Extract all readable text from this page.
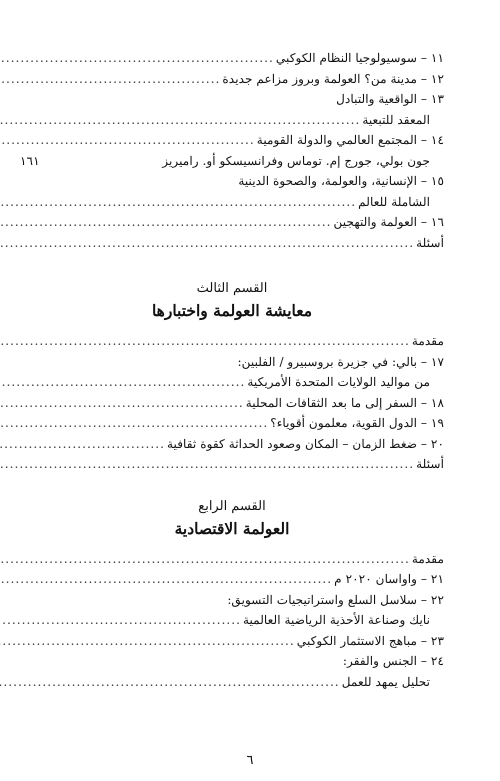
١١ – سوسيولوجيا النظام الكوكبي
.....
١٢ – مدينة من؟ العولمة وبروز مزاعم جديدة
.....
١٣ – الواقعية والتبادل
المعقد للتبعية
.....
١٤ – المجتمع العالمي والدولة القومية
.....
جون بولي، جورج إم. توماس وفرانسيسكو أو. راميريز
١٦١
١٥ – الإنسانية، والعولمة، والصحوة الدينية
الشاملة للعالم
.....
١٦ – العولمة والتهجين
.....
أسئلة
.....
القسم الثالث
معايشة العولمة واختبارها
مقدمة
.....
١٧ – بالي: في جزيرة بروسبيرو / الفلبين:
من مواليد الولايات المتحدة الأمريكية
.....
١٨ – السفر إلى ما بعد الثقافات المحلية
.....
١٩ – الدول القوية، معلمون أقوياء؟
.....
٢٠ – ضغط الزمان – المكان وصعود الحداثة كقوة ثقافية
.....
أسئلة
.....
القسم الرابع
العولمة الاقتصادية
مقدمة
.....
٢١ – واواسان ٢٠٢٠ م
.....
٢٢ – سلاسل السلع واستراتيجيات التسويق:
نايك وصناعة الأحذية الرياضية العالمية
.....
٢٣ – مباهج الاستثمار الكوكبي
.....
٢٤ – الجنس والفقر:
تحليل يمهد للعمل
.....
٦
